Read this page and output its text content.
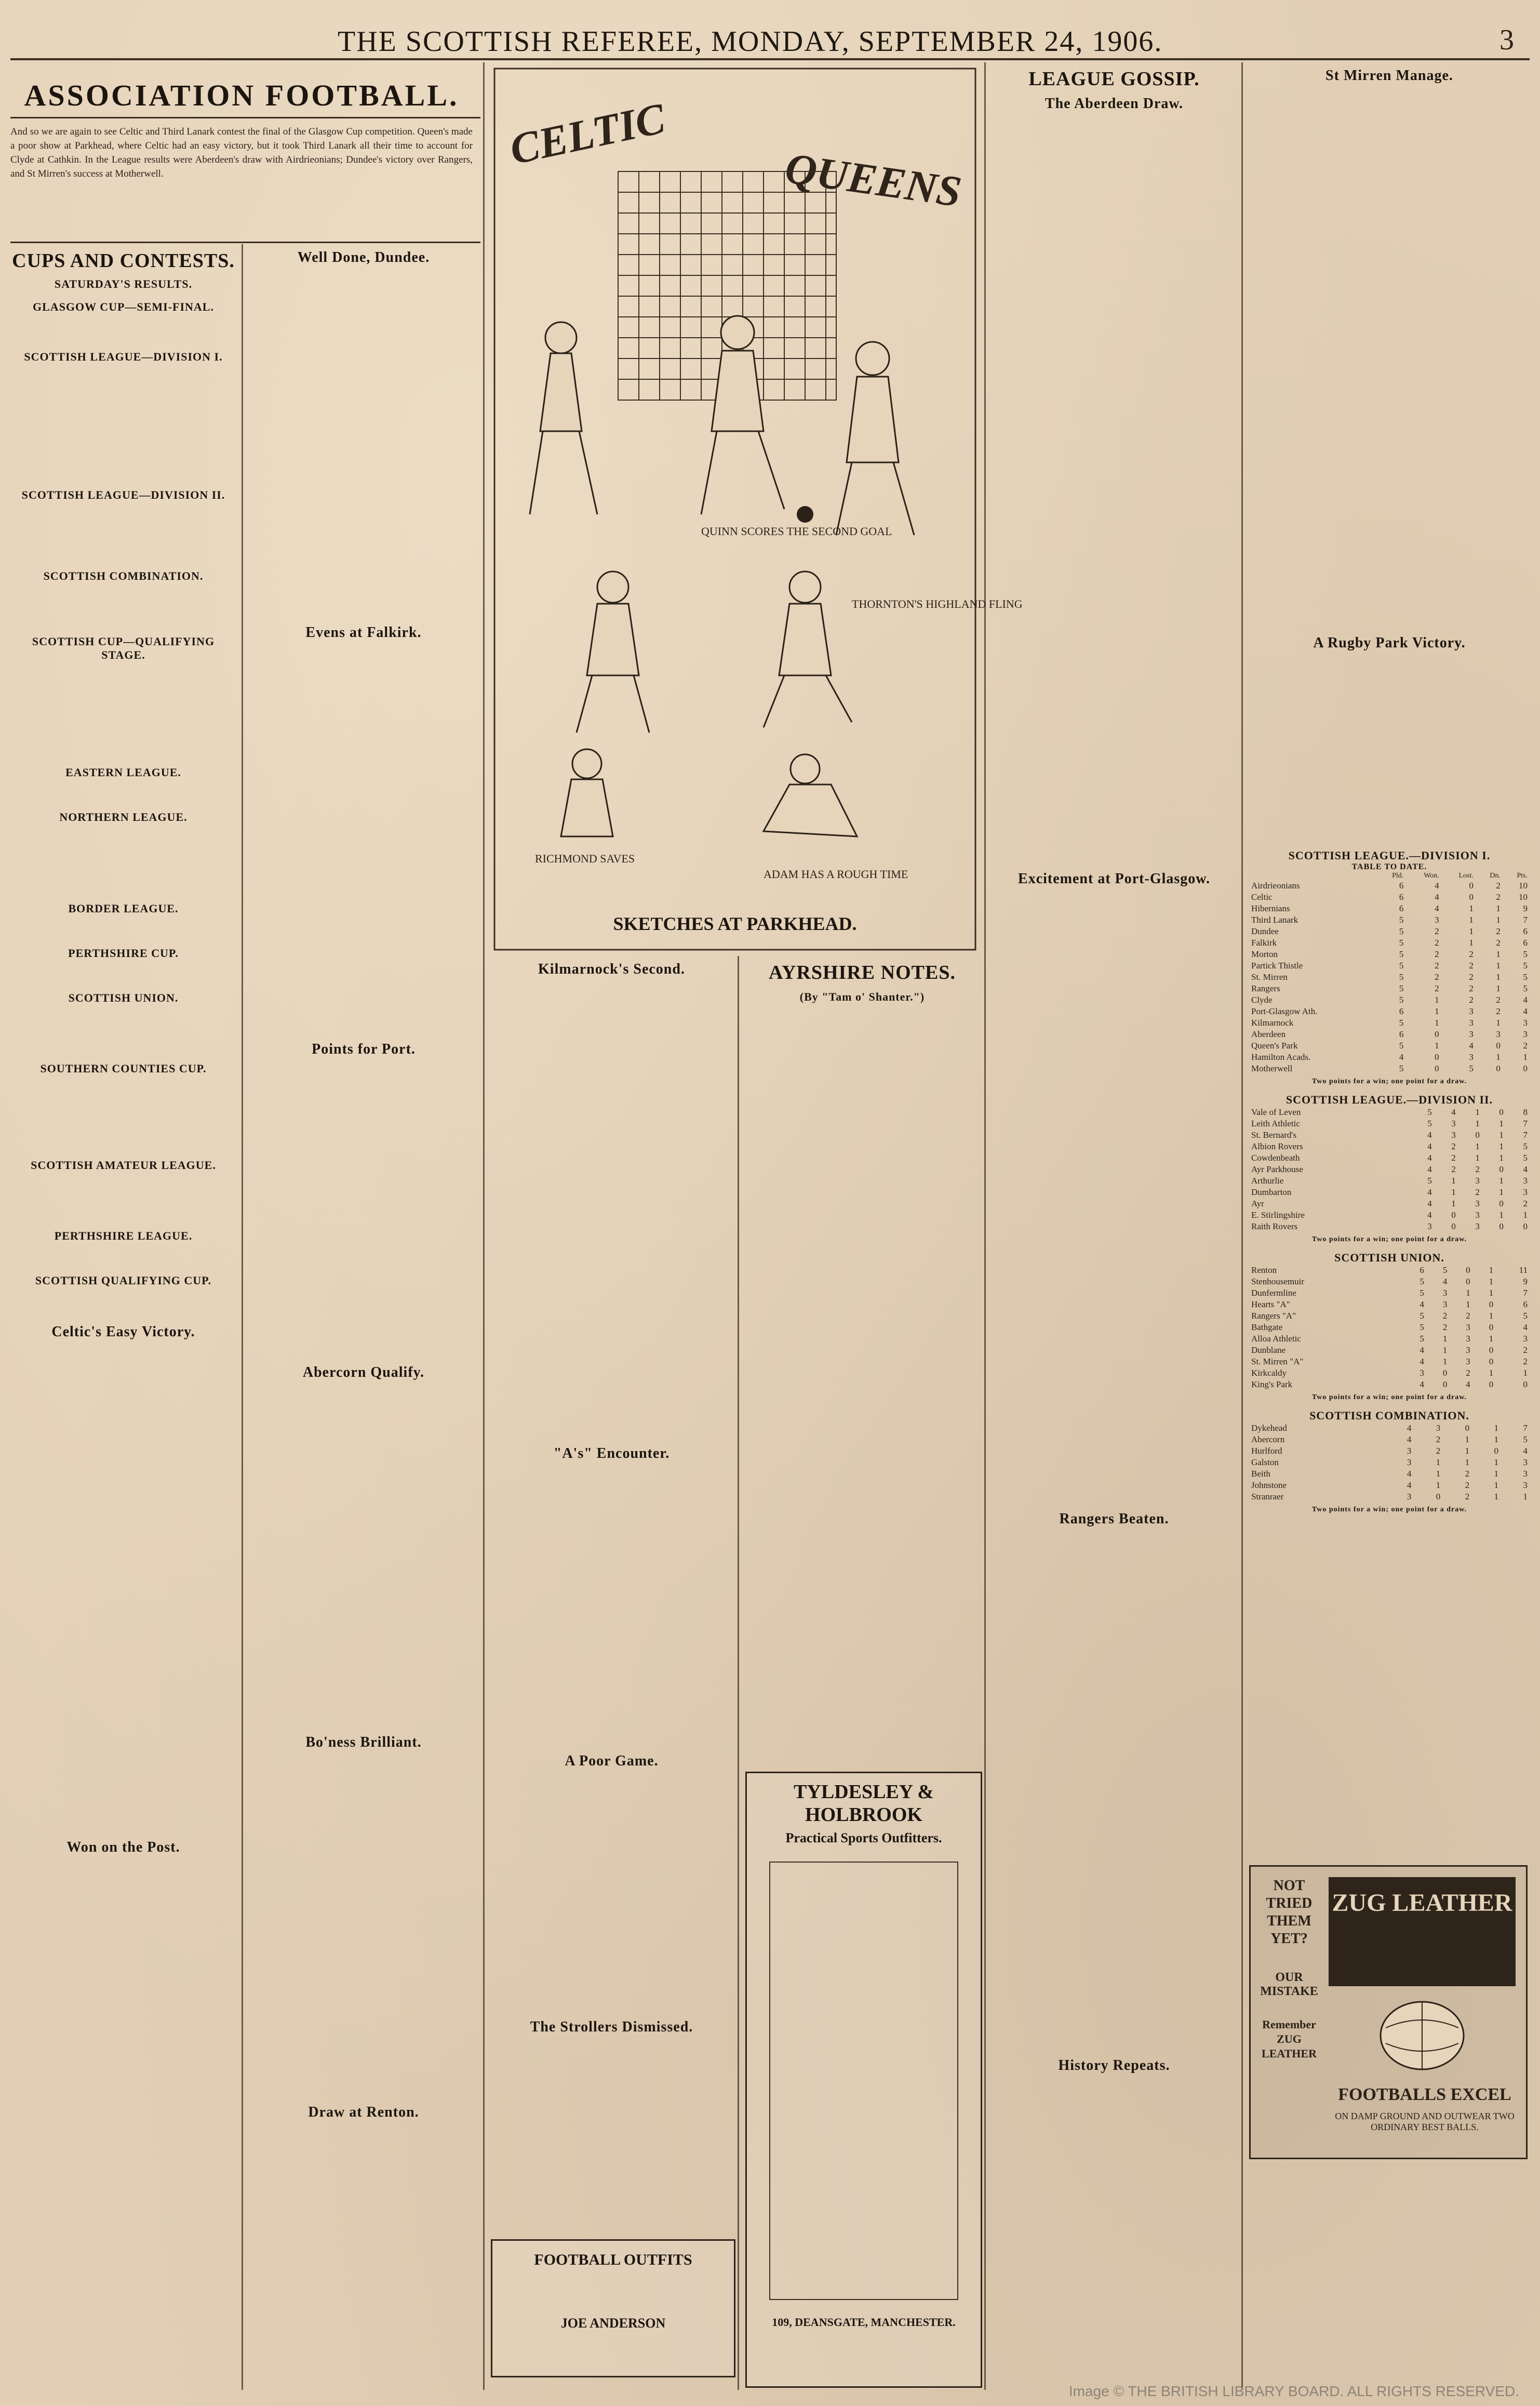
THE SCOTTISH REFEREE, MONDAY, SEPTEMBER 24, 1906.	3
ASSOCIATION FOOTBALL.
And so we are again to see Celtic and Third Lanark contest the final of the Glasgow Cup competition. Queen's made a poor show at Parkhead, where Celtic had an easy victory, but it took Third Lanark all their time to account for Clyde at Cathkin. In the League results were Aberdeen's draw with Airdrieonians; Dundee's victory over Rangers, and St Mirren's success at Motherwell.
CUPS AND CONTESTS.
SATURDAY'S RESULTS.
GLASGOW CUP—SEMI-FINAL.
SCOTTISH LEAGUE—DIVISION I.
SCOTTISH LEAGUE—DIVISION II.
SCOTTISH COMBINATION.
SCOTTISH CUP—QUALIFYING STAGE.
EASTERN LEAGUE.
NORTHERN LEAGUE.
BORDER LEAGUE.
PERTHSHIRE CUP.
SCOTTISH UNION.
SOUTHERN COUNTIES CUP.
SCOTTISH AMATEUR LEAGUE.
PERTHSHIRE LEAGUE.
SCOTTISH QUALIFYING CUP.
Celtic's Easy Victory.
Won on the Post.
Well Done, Dundee.
Evens at Falkirk.
Points for Port.
Abercorn Qualify.
Bo'ness Brilliant.
Draw at Renton.
CELTIC
QUEENS
QUINN SCORES THE SECOND GOAL
THORNTON'S HIGHLAND FLING
RICHMOND SAVES
ADAM HAS A ROUGH TIME
SKETCHES AT PARKHEAD.
Kilmarnock's Second.
"A's" Encounter.
A Poor Game.
The Strollers Dismissed.
AYRSHIRE NOTES.
(By "Tam o' Shanter.")
TYLDESLEY & HOLBROOK
Practical Sports Outfitters.
109, DEANSGATE, MANCHESTER.
FOOTBALL OUTFITS
JOE ANDERSON
LEAGUE GOSSIP.
The Aberdeen Draw.
Excitement at Port-Glasgow.
Rangers Beaten.
History Repeats.
St Mirren Manage.
A Rugby Park Victory.
SCOTTISH LEAGUE.—DIVISION I.
TABLE TO DATE.
	Pld.	Won.	Lost.	Dn.	Pts.
Airdrieonians	6	4	0	2	10
Celtic	6	4	0	2	10
Hibernians	6	4	1	1	9
Third Lanark	5	3	1	1	7
Dundee	5	2	1	2	6
Falkirk	5	2	1	2	6
Morton	5	2	2	1	5
Partick Thistle	5	2	2	1	5
St. Mirren	5	2	2	1	5
Rangers	5	2	2	1	5
Clyde	5	1	2	2	4
Port-Glasgow Ath.	6	1	3	2	4
Kilmarnock	5	1	3	1	3
Aberdeen	6	0	3	3	3
Queen's Park	5	1	4	0	2
Hamilton Acads.	4	0	3	1	1
Motherwell	5	0	5	0	0
Two points for a win; one point for a draw.
SCOTTISH LEAGUE.—DIVISION II.
Vale of Leven	5	4	1	0	8
Leith Athletic	5	3	1	1	7
St. Bernard's	4	3	0	1	7
Albion Rovers	4	2	1	1	5
Cowdenbeath	4	2	1	1	5
Ayr Parkhouse	4	2	2	0	4
Arthurlie	5	1	3	1	3
Dumbarton	4	1	2	1	3
Ayr	4	1	3	0	2
E. Stirlingshire	4	0	3	1	1
Raith Rovers	3	0	3	0	0
Two points for a win; one point for a draw.
SCOTTISH UNION.
Renton	6	5	0	1	11
Stenhousemuir	5	4	0	1	9
Dunfermline	5	3	1	1	7
Hearts "A"	4	3	1	0	6
Rangers "A"	5	2	2	1	5
Bathgate	5	2	3	0	4
Alloa Athletic	5	1	3	1	3
Dunblane	4	1	3	0	2
St. Mirren "A"	4	1	3	0	2
Kirkcaldy	3	0	2	1	1
King's Park	4	0	4	0	0
Two points for a win; one point for a draw.
SCOTTISH COMBINATION.
Dykehead	4	3	0	1	7
Abercorn	4	2	1	1	5
Hurlford	3	2	1	0	4
Galston	3	1	1	1	3
Beith	4	1	2	1	3
Johnstone	4	1	2	1	3
Stranraer	3	0	2	1	1
Two points for a win; one point for a draw.
NOT TRIED THEM YET?
OUR MISTAKE
Remember ZUG LEATHER
ZUG LEATHER
FOOTBALLS EXCEL
ON DAMP GROUND AND OUTWEAR TWO ORDINARY BEST BALLS.
Image © THE BRITISH LIBRARY BOARD. ALL RIGHTS RESERVED.
